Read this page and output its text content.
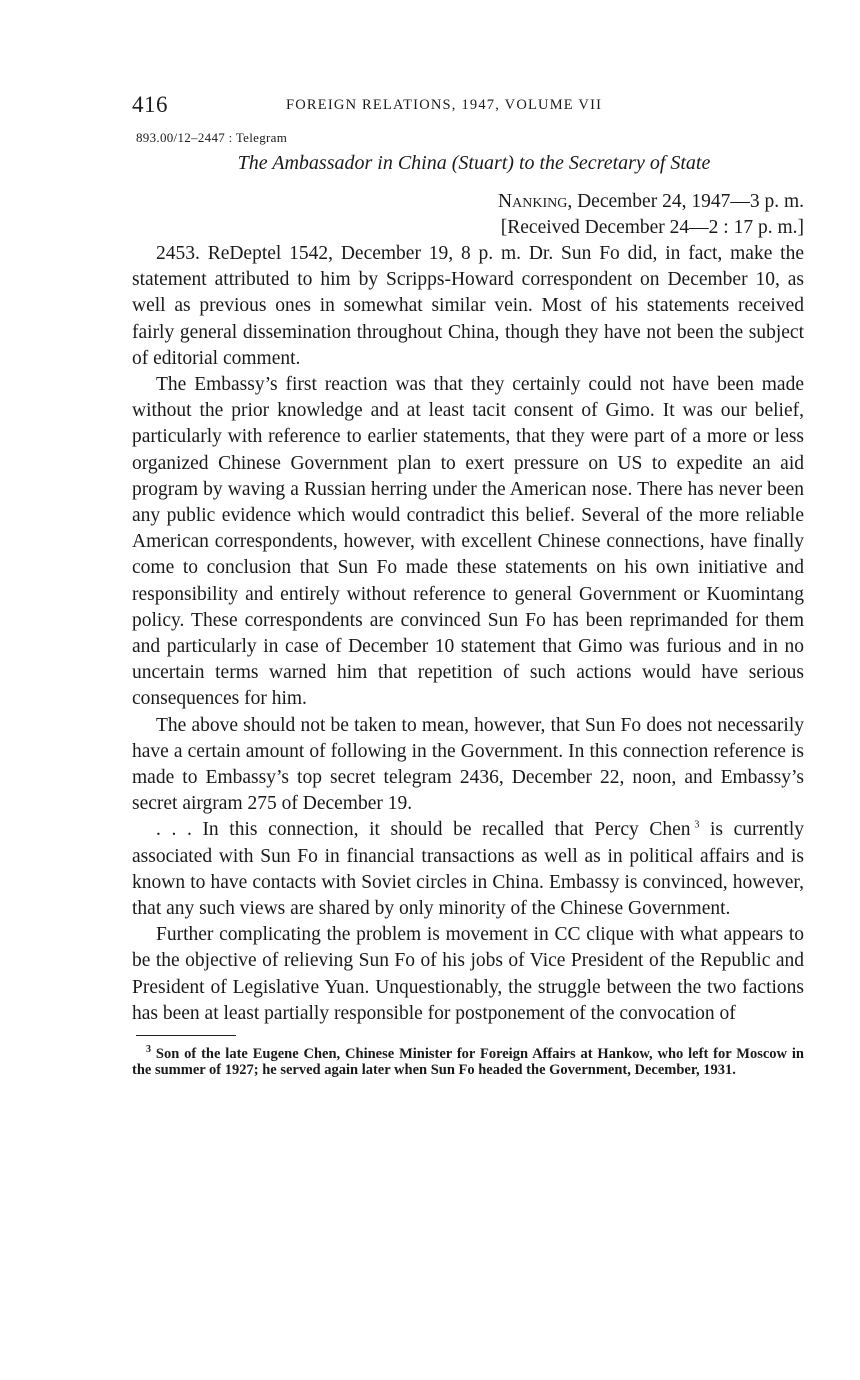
416	FOREIGN RELATIONS, 1947, VOLUME VII
893.00/12–2447 : Telegram
The Ambassador in China (Stuart) to the Secretary of State
Nanking, December 24, 1947—3 p. m.
[Received December 24—2 : 17 p. m.]

2453. ReDeptel 1542, December 19, 8 p. m. Dr. Sun Fo did, in fact, make the statement attributed to him by Scripps-Howard correspondent on December 10, as well as previous ones in somewhat similar vein. Most of his statements received fairly general dissemination throughout China, though they have not been the subject of editorial comment.

The Embassy’s first reaction was that they certainly could not have been made without the prior knowledge and at least tacit consent of Gimo. It was our belief, particularly with reference to earlier statements, that they were part of a more or less organized Chinese Government plan to exert pressure on US to expedite an aid program by waving a Russian herring under the American nose. There has never been any public evidence which would contradict this belief. Several of the more reliable American correspondents, however, with excellent Chinese connections, have finally come to conclusion that Sun Fo made these statements on his own initiative and responsibility and entirely without reference to general Government or Kuomintang policy. These correspondents are convinced Sun Fo has been reprimanded for them and particularly in case of December 10 statement that Gimo was furious and in no uncertain terms warned him that repetition of such actions would have serious consequences for him.

The above should not be taken to mean, however, that Sun Fo does not necessarily have a certain amount of following in the Government. In this connection reference is made to Embassy’s top secret telegram 2436, December 22, noon, and Embassy’s secret airgram 275 of December 19.

. . . In this connection, it should be recalled that Percy Chen  $^3$ is currently associated with Sun Fo in financial transactions as well as in political affairs and is known to have contacts with Soviet circles in China. Embassy is convinced, however, that any such views are shared by only minority of the Chinese Government.

Further complicating the problem is movement in CC clique with what appears to be the objective of relieving Sun Fo of his jobs of Vice President of the Republic and President of Legislative Yuan. Unquestionably, the struggle between the two factions has been at least partially responsible for postponement of the convocation of

$^3$ Son of the late Eugene Chen, Chinese Minister for Foreign Affairs at Hankow, who left for Moscow in the summer of 1927; he served again later when Sun Fo headed the Government, December, 1931.
